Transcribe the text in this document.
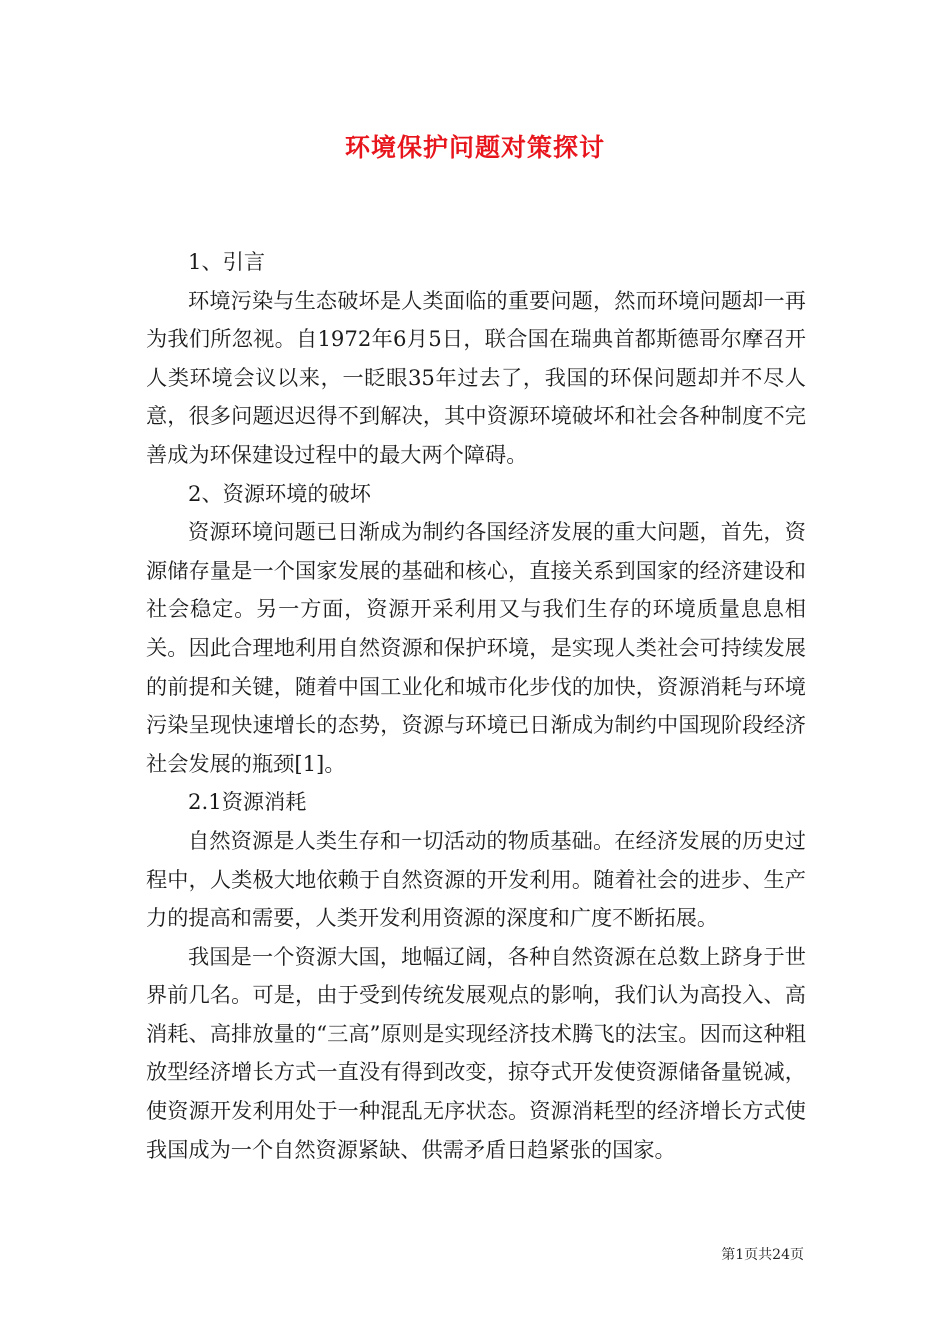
环境保护问题对策探讨

1、引言

环境污染与生态破坏是人类面临的重要问题，然而环境问题却一再为我们所忽视。自1972年6月5日，联合国在瑞典首都斯德哥尔摩召开人类环境会议以来，一眨眼35年过去了，我国的环保问题却并不尽人意，很多问题迟迟得不到解决，其中资源环境破坏和社会各种制度不完善成为环保建设过程中的最大两个障碍。

2、资源环境的破坏

资源环境问题已日渐成为制约各国经济发展的重大问题，首先，资源储存量是一个国家发展的基础和核心，直接关系到国家的经济建设和社会稳定。另一方面，资源开采利用又与我们生存的环境质量息息相关。因此合理地利用自然资源和保护环境，是实现人类社会可持续发展的前提和关键，随着中国工业化和城市化步伐的加快，资源消耗与环境污染呈现快速增长的态势，资源与环境已日渐成为制约中国现阶段经济社会发展的瓶颈[1]。

2.1资源消耗

自然资源是人类生存和一切活动的物质基础。在经济发展的历史过程中，人类极大地依赖于自然资源的开发利用。随着社会的进步、生产力的提高和需要，人类开发利用资源的深度和广度不断拓展。

我国是一个资源大国，地幅辽阔，各种自然资源在总数上跻身于世界前几名。可是，由于受到传统发展观点的影响，我们认为高投入、高消耗、高排放量的“三高”原则是实现经济技术腾飞的法宝。因而这种粗放型经济增长方式一直没有得到改变，掠夺式开发使资源储备量锐减，使资源开发利用处于一种混乱无序状态。资源消耗型的经济增长方式使我国成为一个自然资源紧缺、供需矛盾日趋紧张的国家。

第1页共24页
